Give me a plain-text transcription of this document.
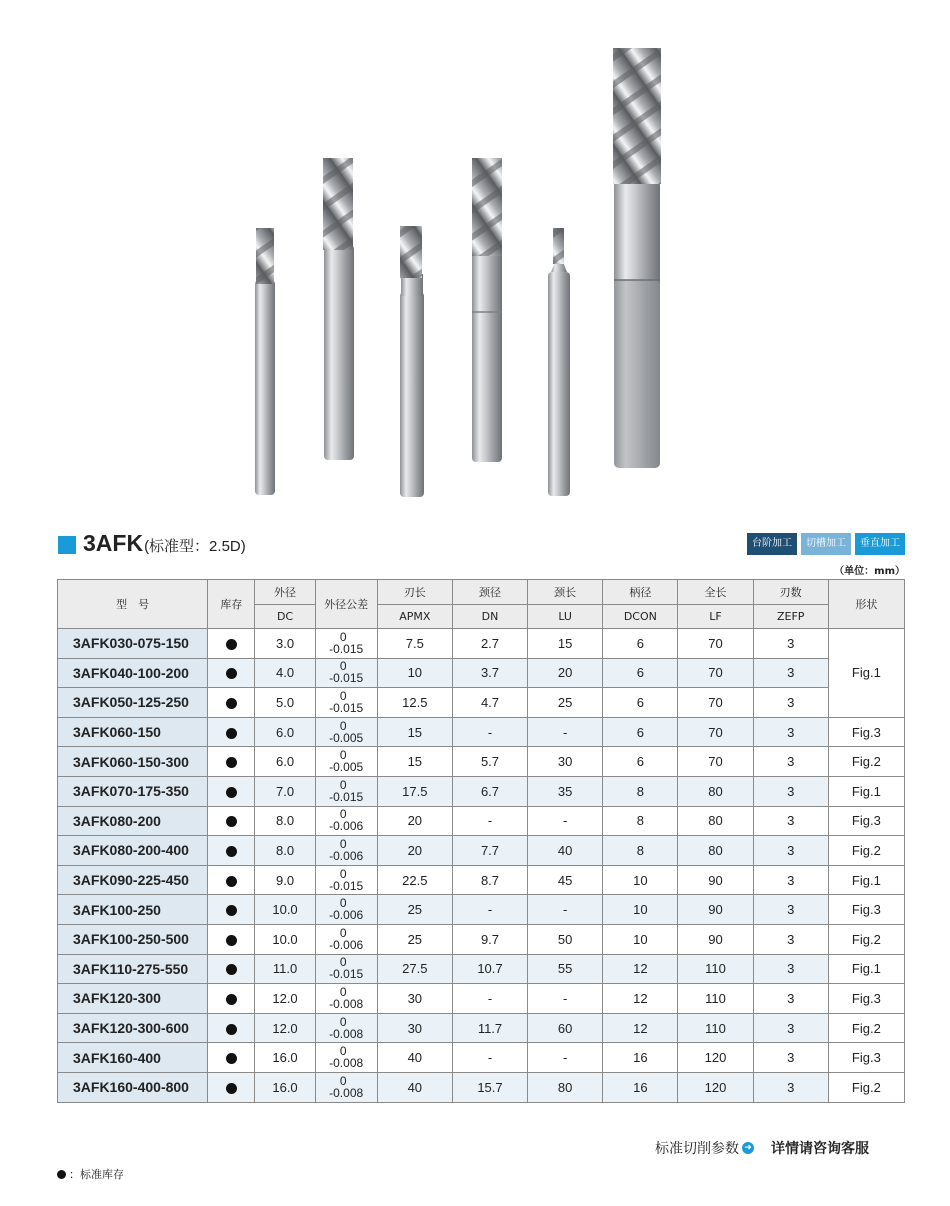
3AFK (标准型：2.5D)	台阶加工	切槽加工	垂直加工
（单位：mm）
型　号	库存	外径	外径公差	刃长	颈径	颈长	柄径	全长	刃数	形状
		DC		APMX	DN	LU	DCON	LF	ZEFP	
3AFK030-075-150		3.0	0
-0.015	7.5	2.7	15	6	70	3	Fig.1
3AFK040-100-200		4.0	0
-0.015	10	3.7	20	6	70	3	
3AFK050-125-250		5.0	0
-0.015	12.5	4.7	25	6	70	3	
3AFK060-150		6.0	0
-0.005	15	-	-	6	70	3	Fig.3
3AFK060-150-300		6.0	0
-0.005	15	5.7	30	6	70	3	Fig.2
3AFK070-175-350		7.0	0
-0.015	17.5	6.7	35	8	80	3	Fig.1
3AFK080-200		8.0	0
-0.006	20	-	-	8	80	3	Fig.3
3AFK080-200-400		8.0	0
-0.006	20	7.7	40	8	80	3	Fig.2
3AFK090-225-450		9.0	0
-0.015	22.5	8.7	45	10	90	3	Fig.1
3AFK100-250		10.0	0
-0.006	25	-	-	10	90	3	Fig.3
3AFK100-250-500		10.0	0
-0.006	25	9.7	50	10	90	3	Fig.2
3AFK110-275-550		11.0	0
-0.015	27.5	10.7	55	12	110	3	Fig.1
3AFK120-300		12.0	0
-0.008	30	-	-	12	110	3	Fig.3
3AFK120-300-600		12.0	0
-0.008	30	11.7	60	12	110	3	Fig.2
3AFK160-400		16.0	0
-0.008	40	-	-	16	120	3	Fig.3
3AFK160-400-800		16.0	0
-0.008	40	15.7	80	16	120	3	Fig.2
标准切削参数 ➜ 详情请咨询客服
：标准库存
